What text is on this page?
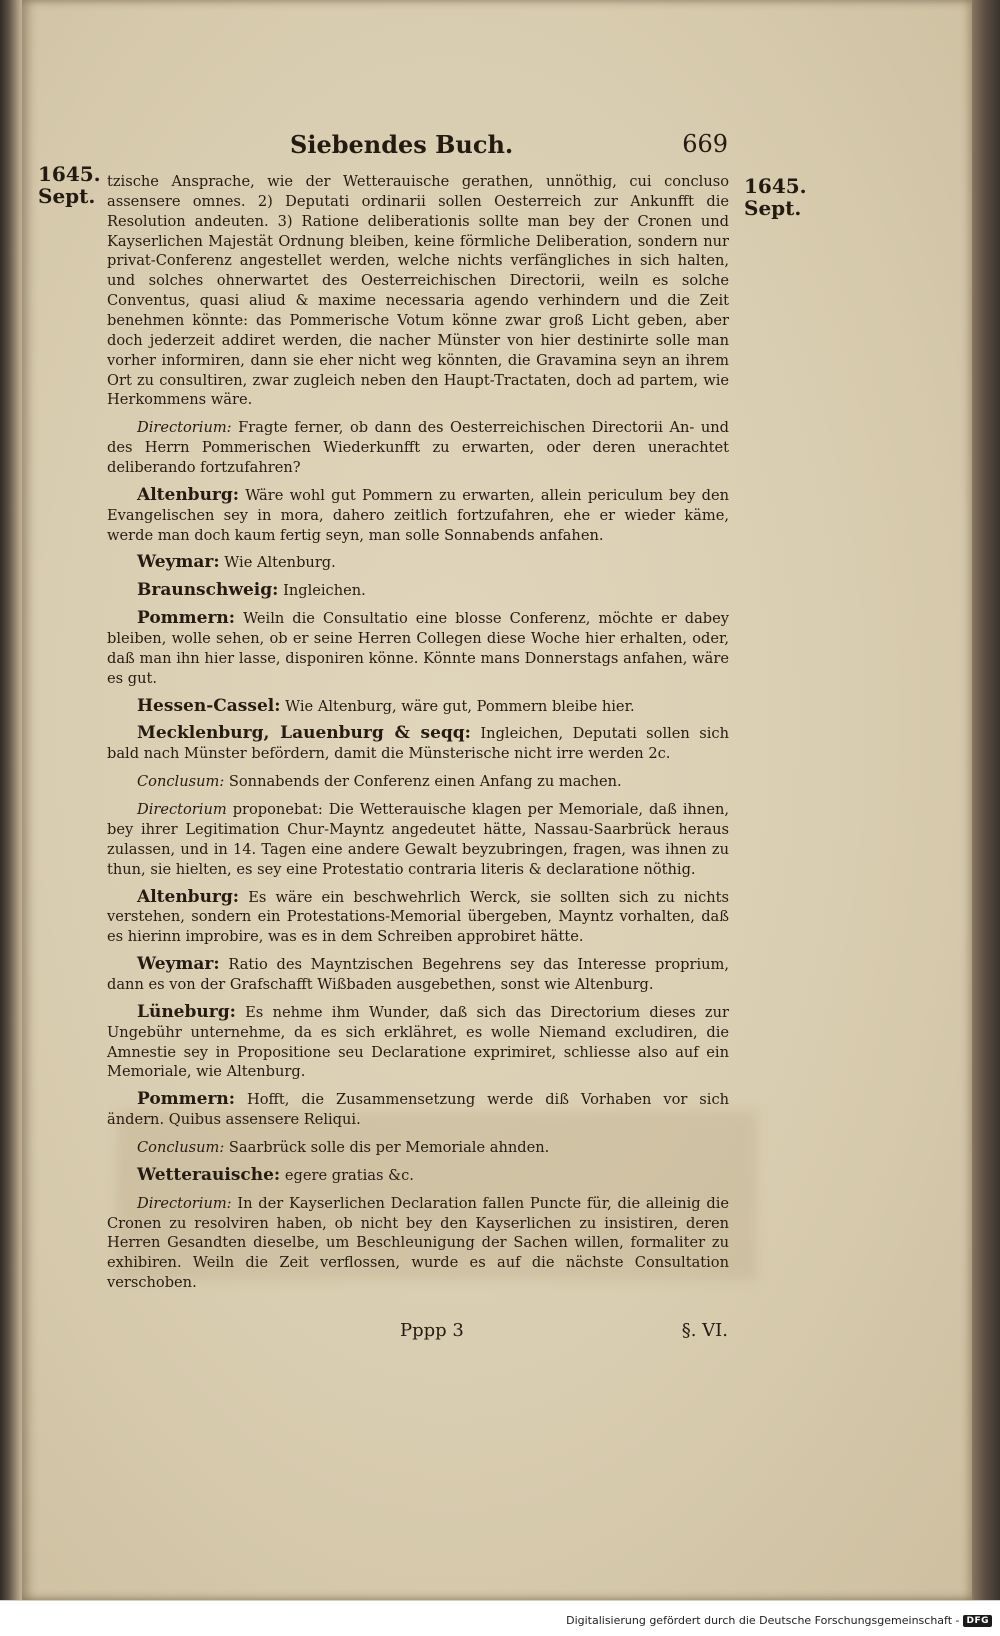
Siebendes Buch.	669
1645.
Sept.	1645.
Sept.

tzische Ansprache, wie der Wetterauische gerathen, unnöthig, cui concluso assensere omnes. 2) Deputati ordinarii sollen Oesterreich zur Ankunfft die Resolution andeuten. 3) Ratione deliberationis sollte man bey der Cronen und Kayserlichen Majestät Ordnung bleiben, keine förmliche Deliberation, sondern nur privat-Conferenz angestellet werden, welche nichts verfängliches in sich halten, und solches ohnerwartet des Oesterreichischen Directorii, weiln es solche Conventus, quasi aliud & maxime necessaria agendo verhindern und die Zeit benehmen könnte: das Pommerische Votum könne zwar groß Licht geben, aber doch jederzeit addiret werden, die nacher Münster von hier destinirte solle man vorher informiren, dann sie eher nicht weg könnten, die Gravamina seyn an ihrem Ort zu consultiren, zwar zugleich neben den Haupt-Tractaten, doch ad partem, wie Herkommens wäre.

Directorium: Fragte ferner, ob dann des Oesterreichischen Directorii An- und des Herrn Pommerischen Wiederkunfft zu erwarten, oder deren unerachtet deliberando fortzufahren?

Altenburg: Wäre wohl gut Pommern zu erwarten, allein periculum bey den Evangelischen sey in mora, dahero zeitlich fortzufahren, ehe er wieder käme, werde man doch kaum fertig seyn, man solle Sonnabends anfahen.

Weymar: Wie Altenburg.

Braunschweig: Ingleichen.

Pommern: Weiln die Consultatio eine blosse Conferenz, möchte er dabey bleiben, wolle sehen, ob er seine Herren Collegen diese Woche hier erhalten, oder, daß man ihn hier lasse, disponiren könne. Könnte mans Donnerstags anfahen, wäre es gut.

Hessen-Cassel: Wie Altenburg, wäre gut, Pommern bleibe hier.

Mecklenburg, Lauenburg & seqq: Ingleichen, Deputati sollen sich bald nach Münster befördern, damit die Münsterische nicht irre werden 2c.

Conclusum: Sonnabends der Conferenz einen Anfang zu machen.

Directorium proponebat: Die Wetterauische klagen per Memoriale, daß ihnen, bey ihrer Legitimation Chur-Mayntz angedeutet hätte, Nassau-Saarbrück heraus zulassen, und in 14. Tagen eine andere Gewalt beyzubringen, fragen, was ihnen zu thun, sie hielten, es sey eine Protestatio contraria literis & declaratione nöthig.

Altenburg: Es wäre ein beschwehrlich Werck, sie sollten sich zu nichts verstehen, sondern ein Protestations-Memorial übergeben, Mayntz vorhalten, daß es hierinn improbire, was es in dem Schreiben approbiret hätte.

Weymar: Ratio des Mayntzischen Begehrens sey das Interesse proprium, dann es von der Grafschafft Wißbaden ausgebethen, sonst wie Altenburg.

Lüneburg: Es nehme ihm Wunder, daß sich das Directorium dieses zur Ungebühr unternehme, da es sich erklähret, es wolle Niemand excludiren, die Amnestie sey in Propositione seu Declaratione exprimiret, schliesse also auf ein Memoriale, wie Altenburg.

Pommern: Hofft, die Zusammensetzung werde diß Vorhaben vor sich ändern. Quibus assensere Reliqui.

Conclusum: Saarbrück solle dis per Memoriale ahnden.

Wetterauische: egere gratias &c.

Directorium: In der Kayserlichen Declaration fallen Puncte für, die alleinig die Cronen zu resolviren haben, ob nicht bey den Kayserlichen zu insistiren, deren Herren Gesandten dieselbe, um Beschleunigung der Sachen willen, formaliter zu exhibiren. Weiln die Zeit verflossen, wurde es auf die nächste Consultation verschoben.

Pppp 3	§. VI.
Digitalisierung gefördert durch die Deutsche Forschungsgemeinschaft - DFG
